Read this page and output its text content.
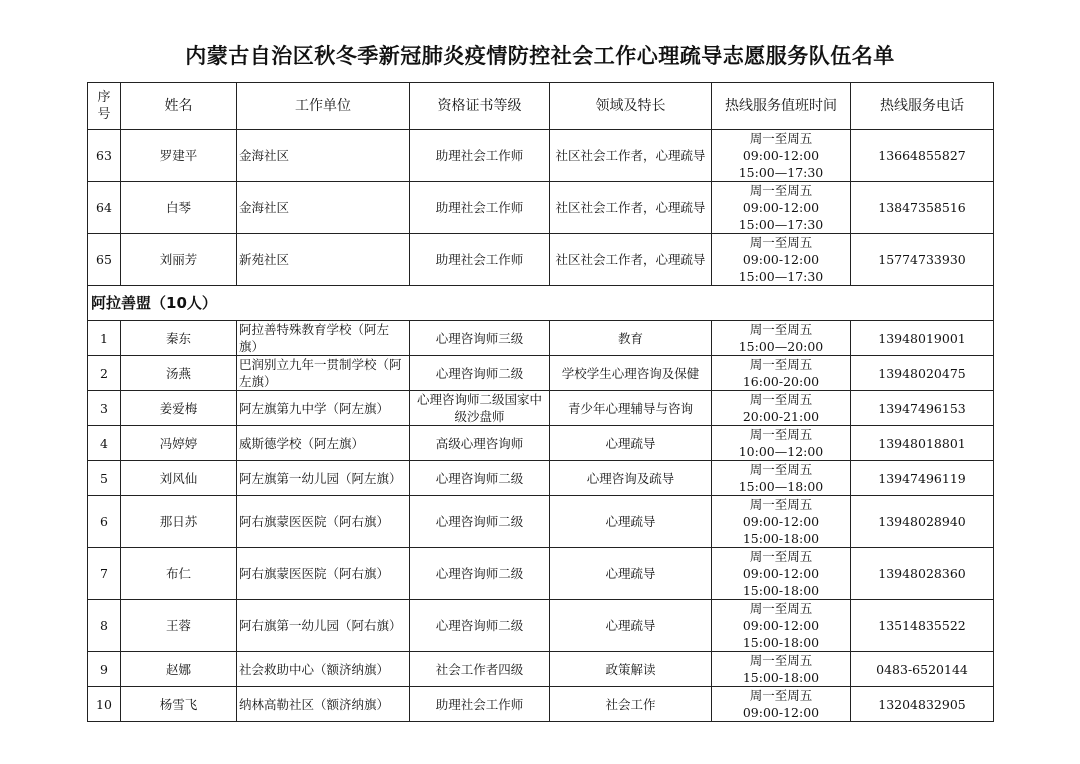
内蒙古自治区秋冬季新冠肺炎疫情防控社会工作心理疏导志愿服务队伍名单
序号	姓名	工作单位	资格证书等级	领域及特长	热线服务值班时间	热线服务电话
63	罗建平	金海社区	助理社会工作师	社区社会工作者，心理疏导	周一至周五
09:00-12:00
15:00—17:30	13664855827
64	白琴	金海社区	助理社会工作师	社区社会工作者，心理疏导	周一至周五
09:00-12:00
15:00—17:30	13847358516
65	刘丽芳	新苑社区	助理社会工作师	社区社会工作者，心理疏导	周一至周五
09:00-12:00
15:00—17:30	15774733930
阿拉善盟（10人）						
1	秦东	阿拉善特殊教育学校（阿左旗）	心理咨询师三级	教育	周一至周五
15:00—20:00	13948019001
2	汤燕	巴润别立九年一贯制学校（阿左旗）	心理咨询师二级	学校学生心理咨询及保健	周一至周五
16:00-20:00	13948020475
3	姜爱梅	阿左旗第九中学（阿左旗）	心理咨询师二级国家中级沙盘师	青少年心理辅导与咨询	周一至周五
20:00-21:00	13947496153
4	冯婷婷	威斯德学校（阿左旗）	高级心理咨询师	心理疏导	周一至周五
10:00—12:00	13948018801
5	刘风仙	阿左旗第一幼儿园（阿左旗）	心理咨询师二级	心理咨询及疏导	周一至周五
15:00—18:00	13947496119
6	那日苏	阿右旗蒙医医院（阿右旗）	心理咨询师二级	心理疏导	周一至周五
09:00-12:00
15:00-18:00	13948028940
7	布仁	阿右旗蒙医医院（阿右旗）	心理咨询师二级	心理疏导	周一至周五
09:00-12:00
15:00-18:00	13948028360
8	王蓉	阿右旗第一幼儿园（阿右旗）	心理咨询师二级	心理疏导	周一至周五
09:00-12:00
15:00-18:00	13514835522
9	赵娜	社会救助中心（额济纳旗）	社会工作者四级	政策解读	周一至周五
15:00-18:00	0483-6520144
10	杨雪飞	纳林高勒社区（额济纳旗）	助理社会工作师	社会工作	周一至周五
09:00-12:00	13204832905
